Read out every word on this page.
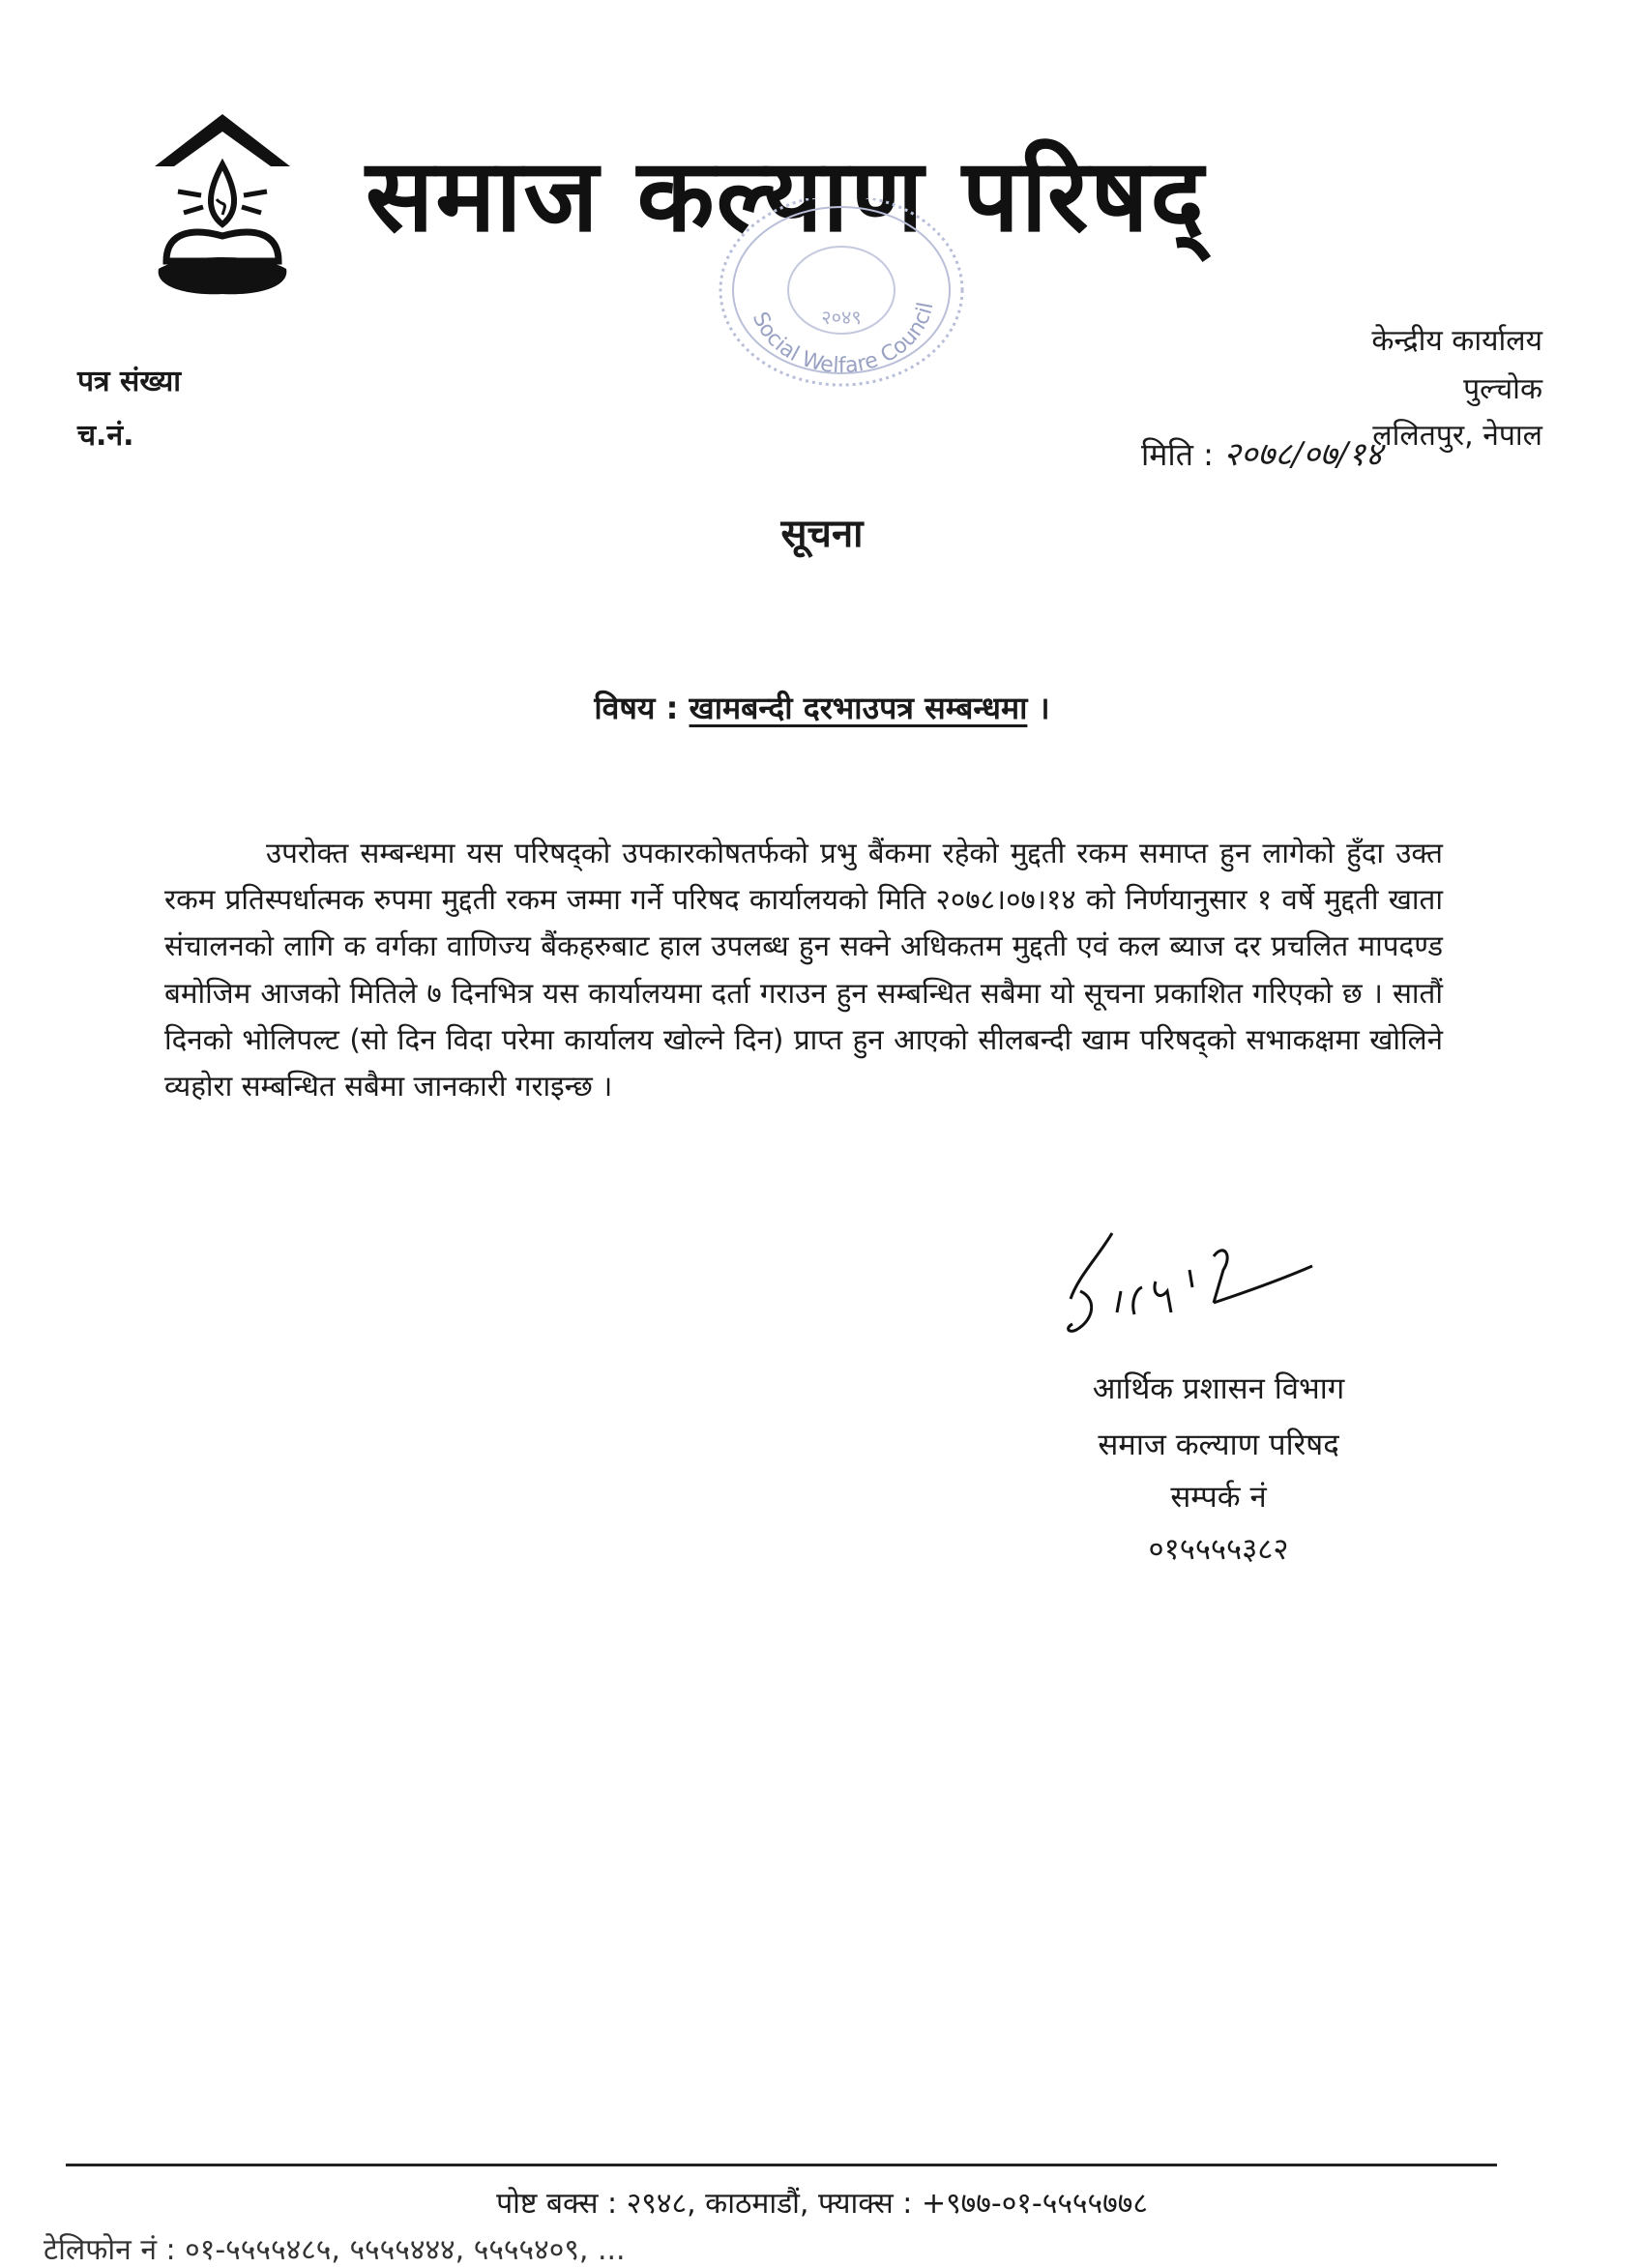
समाज कल्याण परिषद्
Social Welfare Council
२०४९
पत्र संख्या
च.नं.
केन्द्रीय कार्यालय
पुल्चोक
ललितपुर, नेपाल
मिति : २०७८/०७/१४
सूचना
विषय : खामबन्दी दरभाउपत्र सम्बन्धमा ।
उपरोक्त सम्बन्धमा यस परिषद्को उपकारकोषतर्फको प्रभु बैंकमा रहेको मुद्दती रकम समाप्त हुन लागेको हुँदा उक्त रकम प्रतिस्पर्धात्मक रुपमा मुद्दती रकम जम्मा गर्ने परिषद कार्यालयको मिति २०७८।०७।१४ को निर्णयानुसार १ वर्षे मुद्दती खाता संचालनको लागि क वर्गका वाणिज्य बैंकहरुबाट हाल उपलब्ध हुन सक्ने अधिकतम मुद्दती एवं कल ब्याज दर प्रचलित मापदण्ड बमोजिम आजको मितिले ७ दिनभित्र यस कार्यालयमा दर्ता गराउन हुन सम्बन्धित सबैमा यो सूचना प्रकाशित गरिएको छ । सातौं दिनको भोलिपल्ट (सो दिन विदा परेमा कार्यालय खोल्ने दिन) प्राप्त हुन आएको सीलबन्दी खाम परिषद्को सभाकक्षमा खोलिने व्यहोरा सम्बन्धित सबैमा जानकारी गराइन्छ ।
आर्थिक प्रशासन विभाग
समाज कल्याण परिषद
सम्पर्क नं
०१५५५५३८२
पोष्ट बक्स : २९४८, काठमाडौं, फ्याक्स : +९७७-०१-५५५५७७८
टेलिफोन नं : ०१-५५५५४८५, ५५५५४४४, ५५५५४०९, ...
